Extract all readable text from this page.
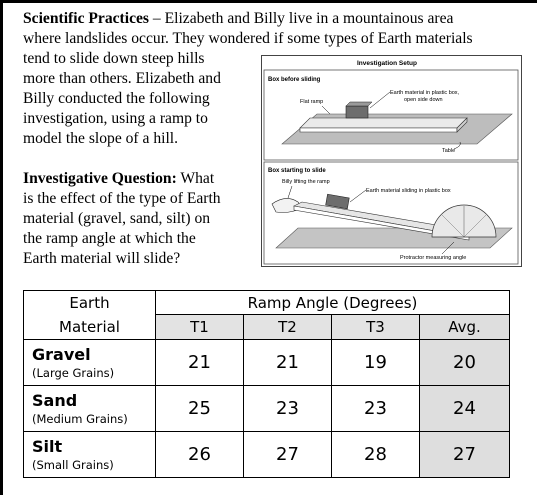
Scientific Practices – Elizabeth and Billy live in a mountainous area
where landslides occur. They wondered if some types of Earth materials

tend to slide down steep hills
more than others. Elizabeth and
Billy conducted the following
investigation, using a ramp to
model the slope of a hill.

Investigative Question: What
is the effect of the type of Earth
material (gravel, sand, silt) on
the ramp angle at which the
Earth material will slide?

Investigation Setup
Box before sliding
Flat ramp
Earth material in plastic box,
open side down
Table
Box starting to slide
Billy lifting the ramp
Earth material sliding in plastic box
Protractor measuring angle
Earth	Ramp Angle (Degrees)			
Material	T1	T2	T3	Avg.

Gravel
(Large Grains)	21	21	19	20

Sand
(Medium Grains)	25	23	23	24

Silt
(Small Grains)	26	27	28	27
